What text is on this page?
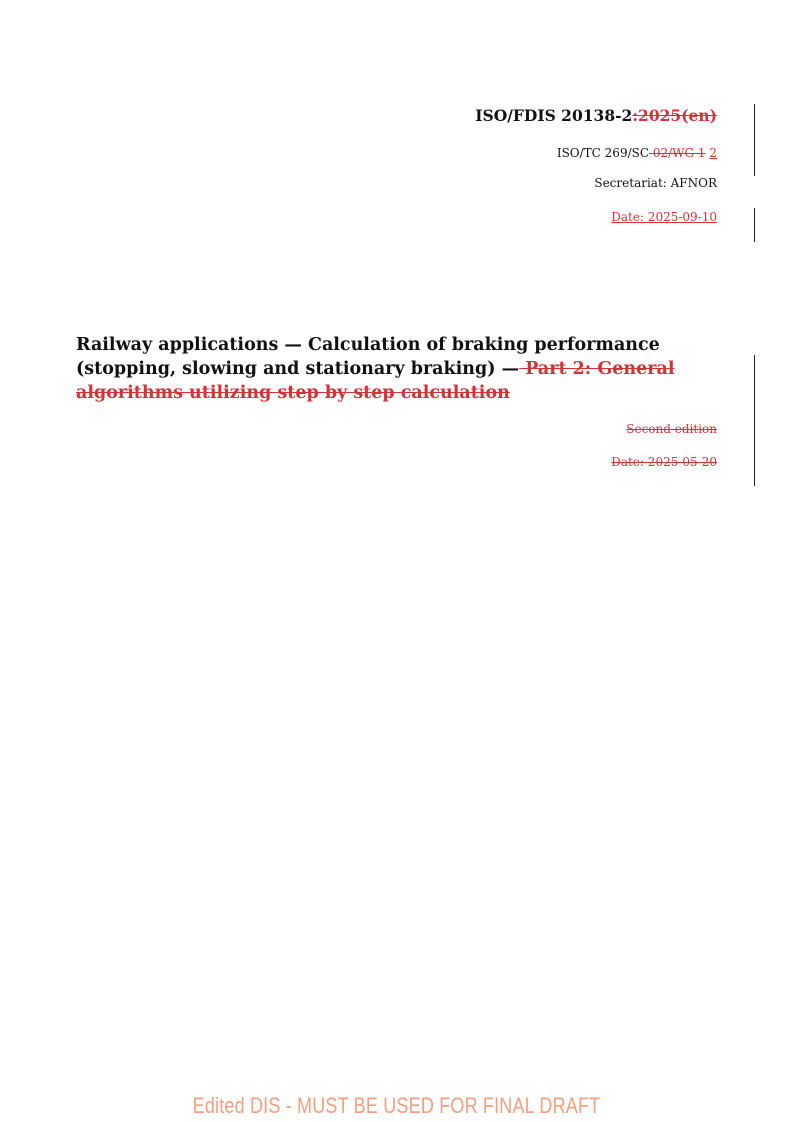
ISO/FDIS 20138-2:2025(en)
ISO/TC 269/SC 02/WG 1 2
Secretariat: AFNOR
Date: 2025-09-10
Railway applications — Calculation of braking performance (stopping, slowing and stationary braking) — Part 2: General algorithms utilizing step by step calculation
Second edition
Date: 2025-05-20
Edited DIS - MUST BE USED FOR FINAL DRAFT
